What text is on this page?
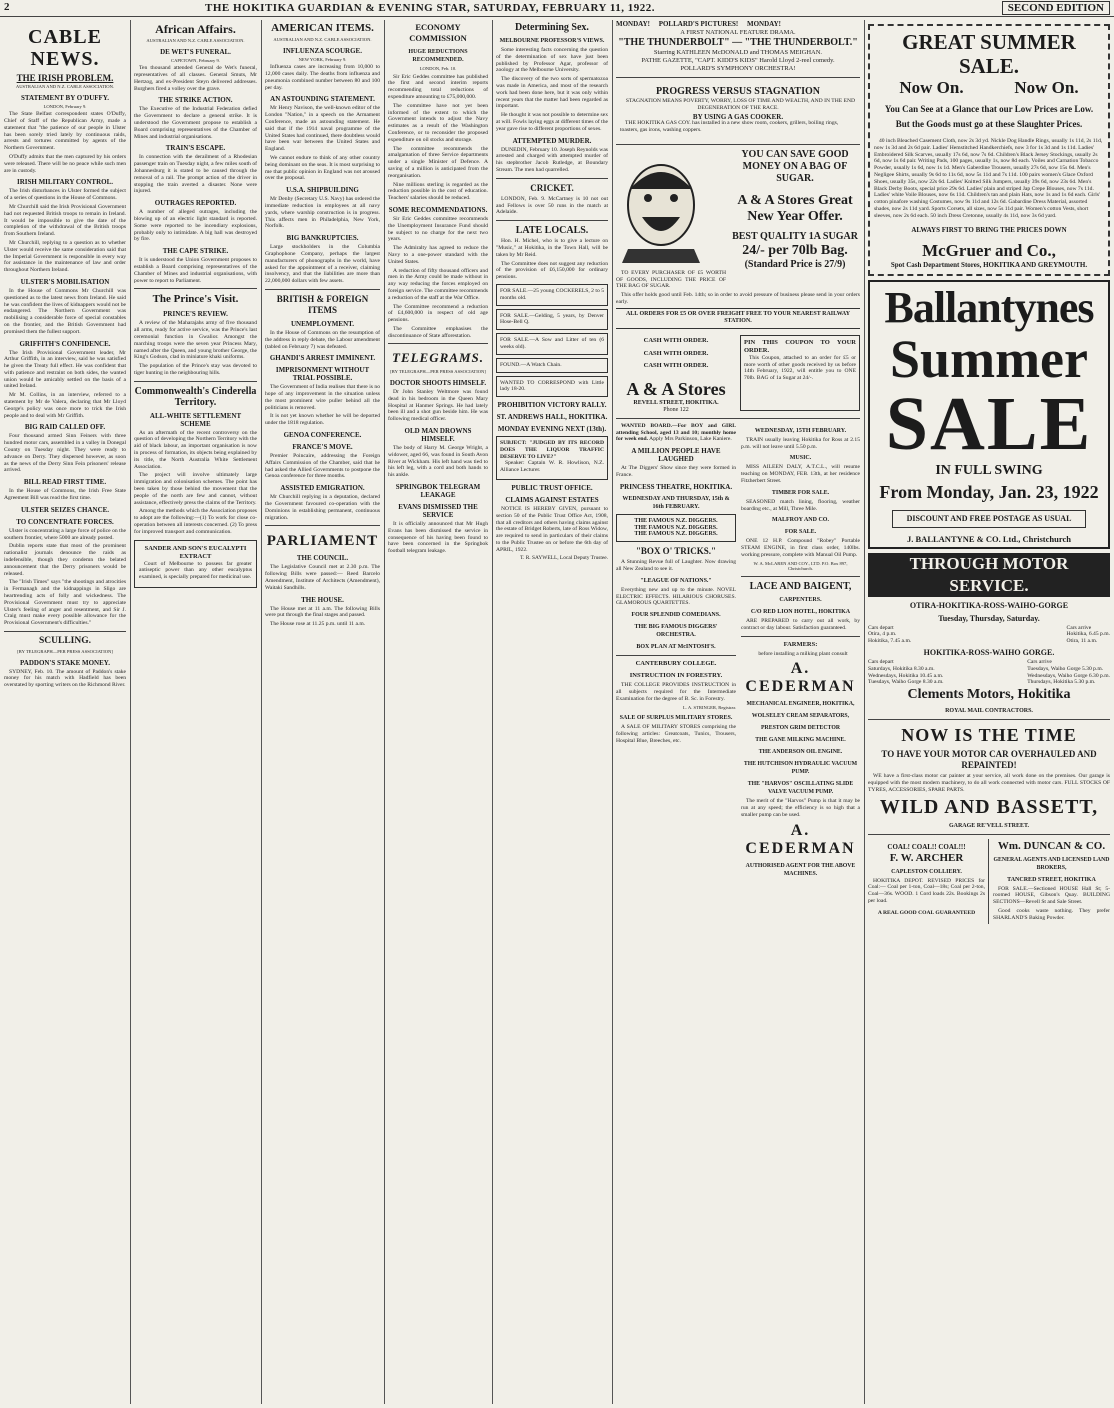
2	THE HOKITIKA GUARDIAN & EVENING STAR, SATURDAY, FEBRUARY 11, 1922.	SECOND EDITION
CABLE NEWS.
THE IRISH PROBLEM.
AUSTRALIAN AND N.Z. CABLE ASSOCIATION.
STATEMENT BY O'DUFFY.
LONDON, February 9.

The State Belfast correspondent states O'Duffy, Chief of Staff of the Republican Army, made a statement that "the patience of our people in Ulster has been sorely tried lately by continuous raids, arrests and tortures committed by agents of the Northern Government.

O'Duffy admits that the men captured by his orders were released. There will be no peace while such men are in custody.

IRISH MILITARY CONTROL.

The Irish disturbances in Ulster formed the subject of a series of questions in the House of Commons.

Mr Churchill said the Irish Provisional Government had not requested British troops to remain in Ireland. It would be impossible to give the date of the completion of the withdrawal of the British troops from Southern Ireland.

Mr Churchill, replying to a question as to whether Ulster would receive the same consideration said that the Imperial Government is responsible in every way for assistance in the maintenance of law and order throughout Northern Ireland.

ULSTER'S MOBILISATION

In the House of Commons Mr Churchill was questioned as to the latest news from Ireland. He said he was confident the lives of kidnappers would not be endangered. The Northern Government was mobilising a considerable force of special constables on the frontier, and the British Government had promised them the fullest support.

GRIFFITH'S CONFIDENCE.

The Irish Provisional Government leader, Mr Arthur Griffith, in an interview, said he was satisfied he given the Treaty full effect. He was confident that with patience and restraint on both sides, the wanted union would be amicably settled on the basis of a united Ireland.

Mr M. Collins, in an interview, referred to a statement by Mr de Valera, declaring that Mr Lloyd George's policy was once more to trick the Irish people and to deal with Mr Griffith.

BIG RAID CALLED OFF.

Four thousand armed Sinn Feiners with three hundred motor cars, assembled in a valley in Donegal County on Tuesday night. They were ready to advance on Derry. They dispersed however, as soon as the news of the Derry Sinn Fein prisoners' release arrived.

BILL READ FIRST TIME.

In the House of Commons, the Irish Free State Agreement Bill was read the first time.

ULSTER SEIZES CHANCE.
TO CONCENTRATE FORCES.

Ulster is concentrating a large force of police on the southern frontier, where 5000 are already posted.

Dublin reports state that most of the prominent nationalist journals denounce the raids as indefensible, though they condemn the belated announcement that the Derry prisoners would be released.

The "Irish Times" says "the shootings and atrocities in Fermanagh and the kidnappings in Sligo are heartrending acts of folly and wickedness. The Provisional Government must try to appreciate Ulster's feeling of anger and resentment, and Sir J. Craig must make every possible allowance for the Provisional Government's difficulties."

SCULLING.
[BY TELEGRAPH—PER PRESS ASSOCIATION]
PADDON'S STAKE MONEY.

SYDNEY, Feb. 10. The amount of Paddon's stake money for his match with Hadfield has been overstated by sporting writers on the Richmond River.

African Affairs.
AUSTRALIAN AND N.Z. CABLE ASSOCIATION.
DE WET'S FUNERAL.
CAPETOWN, February 9.

Ten thousand attended General de Wet's funeral, representatives of all classes. General Smuts, Mr Hertzog, and ex-President Steyn delivered addresses. Burghers fired a volley over the grave.

THE STRIKE ACTION.

The Executive of the Industrial Federation defied the Government to declare a general strike. It is understood the Government propose to establish a Board comprising representatives of the Chamber of Mines and industrial organisations.

TRAIN'S ESCAPE.

In connection with the derailment of a Rhodesian passenger train on Tuesday night, a few miles south of Johannesburg it is stated to be caused through the removal of a rail. The prompt action of the driver in stopping the train averted a disaster. None were injured.

OUTRAGES REPORTED.

A number of alleged outrages, including the blowing up of an electric light standard is reported. Some were reported to be incendiary explosions, probably only to intimidate. A big hall was destroyed by fire.

THE CAPE STRIKE.

It is understood the Union Government proposes to establish a Board comprising representatives of the Chamber of Mines and industrial organisations, with power to report to Parliament.

The Prince's Visit.
PRINCE'S REVIEW.

A review of the Maharajahs army of five thousand all arms, ready for active service, was the Prince's last ceremonial function in Gwalior. Amongst the marching troops were the seven year Princess Mary, named after the Queen, and young brother George, the King's Godson, clad in miniature khaki uniforms.

The population of the Prince's stay was devoted to tiger hunting in the neighbouring hills.

Commonwealth's Cinderella Territory.
ALL-WHITE SETTLEMENT SCHEME

As an aftermath of the recent controversy on the question of developing the Northern Territory with the aid of black labour, an important organisation is now in process of formation, its objects being explained by its title, the North Australia White Settlement Association.

The project will involve ultimately large immigration and colonisation schemes. The point has been taken by those behind the movement that the people of the north are few and cannot, without assistance, effectively press the claims of the Territory.

Among the methods which the Association proposes to adopt are the following:—(1) To work for close co-operation between all interests concerned. (2) To press for improved transport and communication.

SANDER AND SON'S EUCALYPTI EXTRACT

Court of Melbourne to possess far greater antiseptic power than any other eucalyptus examined, is specially prepared for medicinal use.

AMERICAN ITEMS.
AUSTRALIAN AND N.Z. CABLE ASSOCIATION.
INFLUENZA SCOURGE.
NEW YORK, February 9.

Influenza cases are increasing from 10,000 to 12,000 cases daily. The deaths from influenza and pneumonia combined number between 80 and 100 per day.

AN ASTOUNDING STATEMENT.

Mr Henry Navison, the well-known editor of the London "Nation," in a speech on the Armament Conference, made an astounding statement. He said that if the 1914 naval programme of the United States had continued, there doubtless would have been war between the United States and England.

We cannot endure to think of any other country being dominant on the seas. It is most surprising to me that public opinion in England was not aroused over the proposal.

U.S.A. SHIPBUILDING

Mr Denby (Secretary U.S. Navy) has ordered the immediate reduction in employees at all navy yards, where warship construction is in progress. This affects men in Philadelphia, New York, Norfolk.

BIG BANKRUPTCIES.

Large stockholders in the Columbia Graphophone Company, perhaps the largest manufacturers of phonographs in the world, have asked for the appointment of a receiver, claiming insolvency, and that the liabilities are more than 22,000,000 dollars with few assets.

BRITISH & FOREIGN ITEMS
UNEMPLOYMENT.

In the House of Commons on the resumption of the address in reply debate, the Labour amendment (tabled on February 7) was defeated.

GHANDI'S ARREST IMMINENT.
IMPRISONMENT WITHOUT TRIAL POSSIBLE.

The Government of India realises that there is no hope of any improvement in the situation unless the most prominent wire puller behind all the politicians is removed.

It is not yet known whether he will be deported under the 1818 regulation.

GENOA CONFERENCE.
FRANCE'S MOVE.

Premier Poincaire, addressing the Foreign Affairs Commission of the Chamber, said that he had asked the Allied Governments to postpone the Genoa conference for three months.

ASSISTED EMIGRATION.

Mr Churchill replying in a deputation, declared the Government favoured co-operation with the Dominions in establishing permanent, continuous migration.

PARLIAMENT
THE COUNCIL.

The Legislative Council met at 2.30 p.m. The following Bills were passed:— Reed Barcelo Amendment, Institute of Architects (Amendment), Waitaki Sandhills.

THE HOUSE.

The House met at 11 a.m. The following Bills were put through the final stages and passed.

The House rose at 11.25 p.m. until 11 a.m.

ECONOMY COMMISSION
HUGE REDUCTIONS RECOMMENDED.
LONDON, Feb. 10.

Sir Eric Geddes committee has published the first and second interim reports recommending total reductions of expenditure amounting to £75,000,000.

The committee have not yet been informed of the extent to which the Government intends to adjust the Navy estimates as a result of the Washington Conference, or to reconsider the proposed expenditure on oil stocks and storage.

The committee recommends the amalgamation of three Service departments under a single Minister of Defence. A saving of a million is anticipated from the reorganisation.

Nine millions sterling is regarded as the reduction possible in the cost of education. Teachers' salaries should be reduced.

SOME RECOMMENDATIONS.

Sir Eric Geddes committee recommends the Unemployment Insurance Fund should be subject to no charge for the next two years.

The Admiralty has agreed to reduce the Navy to a one-power standard with the United States.

A reduction of fifty thousand officers and men in the Army could be made without in any way reducing the forces employed on foreign service. The committee recommends a reduction of the staff at the War Office.

The Committee recommend a reduction of £4,600,000 in respect of old age pensions.

The Committee emphasises the discontinuance of State afforestation.

TELEGRAMS.
[BY TELEGRAPH—PER PRESS ASSOCIATION]
DOCTOR SHOOTS HIMSELF.

Dr John Stanley Weltmore was found dead in his bedroom in the Queen Mary Hospital at Hanmer Springs. He had lately been ill and a shot gun beside him. He was following medical officer.

OLD MAN DROWNS HIMSELF.

The body of Harry M. George Wright, a widower, aged 66, was found in South Avon River at Wickham. His left hand was tied to his left leg, with a cord and both hands to his ankle.

SPRINGBOK TELEGRAM LEAKAGE
EVANS DISMISSED THE SERVICE

It is officially announced that Mr Hugh Evans has been dismissed the service in consequence of his having been found to have been concerned in the Springbok football telegram leakage.

Determining Sex.
MELBOURNE PROFESSOR'S VIEWS.

Some interesting facts concerning the question of the determination of sex have just been published by Professor Agar, professor of zoology at the Melbourne University.

The discovery of the two sorts of spermatozoa was made in America, and most of the research work had been done here, but it was only within recent years that the matter had been regarded as important.

He thought it was not possible to determine sex at will. Fowls laying eggs at different times of the year gave rise to different proportions of sexes.

ATTEMPTED MURDER.

DUNEDIN, February 10. Joseph Reynolds was arrested and charged with attempted murder of his stepbrother Jacob Rutledge, at Boundary Stream. The men had quarrelled.

CRICKET.

LONDON, Feb. 9. McCartney is 10 not out and Fellows is over 50 runs in the match at Adelaide.

LATE LOCALS.

Hon. H. Michel, who is to give a lecture on "Music," at Hokitika, in the Town Hall, will be taken by Mr Reid.

The Committee does not suggest any reduction of the provision of £6,150,000 for ordinary pensions.

FOR SALE.—25 young COCKERELS, 2 to 5 months old.
FOR SALE.—Gelding, 5 years, by Denver Hose-Bell Q.
FOR SALE.—A Sow and Litter of ten (6 weeks old).
FOUND.—A Watch Chain.
WANTED TO CORRESPOND with Little lady 18-20.
PROHIBITION VICTORY RALLY.
ST. ANDREWS HALL, HOKITIKA.
MONDAY EVENING NEXT (13th).
SUBJECT: "JUDGED BY ITS RECORD DOES THE LIQUOR TRAFFIC DESERVE TO LIVE?"

Speaker: Captain W. R. Howlison, N.Z. Alliance Lecturer.

PUBLIC TRUST OFFICE.
CLAIMS AGAINST ESTATES

NOTICE IS HEREBY GIVEN, pursuant to section 50 of the Public Trust Office Act, 1908, that all creditors and others having claims against the estate of Bridget Roberts, late of Ross Widow, are required to send in particulars of their claims to the Public Trustee on or before the 6th day of APRIL, 1922.

T. R. SAYWELL, Local Deputy Trustee.
MONDAY!     POLLARD'S PICTURES!     MONDAY!
A FIRST NATIONAL FEATURE DRAMA.
"THE THUNDERBOLT" — "THE THUNDERBOLT."
Starring KATHLEEN McDONALD and THOMAS MEIGHAN.
PATHE GAZETTE, "CAPT. KIDD'S KIDS" Harold Lloyd 2-reel comedy.
POLLARD'S SYMPHONY ORCHESTRA!
PROGRESS VERSUS STAGNATION

STAGNATION MEANS POVERTY, WORRY, LOSS OF TIME AND WEALTH, AND IN THE END DEGENERATION OF THE RACE.

BY USING A GAS COOKER.

THE HOKITIKA GAS COY. has installed in a new show room, cookers, grillers, boiling rings, toasters, gas irons, washing coppers.

TO EVERY PURCHASER OF £5 WORTH OF GOODS, INCLUDING THE PRICE OF THE BAG OF SUGAR.

YOU CAN SAVE GOOD MONEY ON A BAG OF SUGAR.
A & A Stores Great New Year Offer.
BEST QUALITY 1A SUGAR
24/- per 70lb Bag.
(Standard Price is 27/9)

This offer holds good until Feb. 14th; so in order to avoid pressure of business please send in your orders early.

ALL ORDERS FOR £5 OR OVER FREIGHT FREE TO YOUR NEAREST RAILWAY STATION.
CASH WITH ORDER.
CASH WITH ORDER.
CASH WITH ORDER.
A & A Stores
REVELL STREET, HOKITIKA.
Phone 122
PIN THIS COUPON TO YOUR ORDER.

This Coupon, attached to an order for £5 or more worth of other goods received by us before 14th February, 1922, will entitle you to ONE 70lb. BAG of 1a Sugar at 24/-.

WANTED BOARD.—For BOY and GIRL attending School, aged 13 and 10; monthly home for week end. Apply Mrs Parkinson, Lake Kaniere.

A MILLION PEOPLE HAVE LAUGHED

At The Diggers' Show since they were formed in France.

PRINCESS THEATRE, HOKITIKA.
WEDNESDAY AND THURSDAY, 15th & 16th FEBRUARY.
THE FAMOUS N.Z. DIGGERS.
THE FAMOUS N.Z. DIGGERS.
THE FAMOUS N.Z. DIGGERS.
"BOX O' TRICKS."

A Stunning Revue full of Laughter. Now drawing all New Zealand to see it.

"LEAGUE OF NATIONS."

Everything new and up to the minute. NOVEL ELECTRIC EFFECTS. HILARIOUS CHORUSES. GLAMOROUS QUARTETTES.

FOUR SPLENDID COMEDIANS.
THE BIG FAMOUS DIGGERS' ORCHESTRA.
BOX PLAN AT McINTOSH'S.
CANTERBURY COLLEGE.
INSTRUCTION IN FORESTRY.

THE COLLEGE PROVIDES INSTRUCTION in all subjects required for the Intermediate Examination for the degree of B. Sc. in Forestry.

L. A. STRINGER, Registrar.
SALE OF SURPLUS MILITARY STORES.

A SALE OF MILITARY STORES comprising the following articles: Greatcoats, Tunics, Trousers, Hospital Blue, Breeches, etc.

WEDNESDAY, 15TH FEBRUARY.

TRAIN usually leaving Hokitika for Ross at 2.15 p.m. will not leave until 5.50 p.m.

MUSIC.

MISS AILEEN DALY, A.T.C.L., will resume teaching on MONDAY, FEB. 13th, at her residence Fitzherbert Street.

TIMBER FOR SALE.

SEASONED match lining, flooring, weather boarding etc., at Mill, Three Mile.

MALFROY AND CO.
FOR SALE.

ONE 12 H.P. Compound "Robey" Portable STEAM ENGINE, in first class order, 140lbs. working pressure, complete with Manual Oil Pump.

W. A. McLAREN AND COY., LTD. P.O. Box 897, Christchurch.
LACE AND BAIGENT,
CARPENTERS.
C/O RED LION HOTEL, HOKITIKA

ARE PREPARED to carry out all work, by contract or day labour. Satisfaction guaranteed.

FARMERS:

before installing a milking plant consult

A. CEDERMAN
MECHANICAL ENGINEER, HOKITIKA,
WOLSELEY CREAM SEPARATORS,
PRESTON GRIM DETECTOR
THE GANE MILKING MACHINE.
THE ANDERSON OIL ENGINE.
THE HUTCHISON HYDRAULIC VACUUM PUMP.
THE "HARVOS" OSCILLATING SLIDE VALVE VACUUM PUMP.

The merit of the "Harvos" Pump is that it may be run at any speed; the efficiency is so high that a smaller pump can be used.

A. CEDERMAN
AUTHORISED AGENT FOR THE ABOVE MACHINES.
GREAT SUMMER SALE.
Now On.	Now On.
You Can See at a Glance that our Low Prices are Low.
But the Goods must go at these Slaughter Prices.

40 inch Bleached Casement Cloth, now 2s 3d yd. Nickle Dog Handle Rings, usually 1s 11d, 2s 11d, now 1s 3d and 2s 6d pair. Ladies' Hemstitched Handkerchiefs, now 3 for 1s 3d and 1s 11d. Ladies' Embroidered Silk Scarves, usually 17s 6d, now 7s 6d. Children's Black Jersey Stockings, usually 2s 6d, now 1s 6d pair. Writing Pads, 100 pages, usually 1s, now 8d each. Voiles and Carnation Tobacco Powder, usually 1s 6d, now 1s 1d. Men's Gaberdine Trousers, usually 27s 6d, now 15s 6d. Men's Negligee Shirts, usually 9s 6d to 11s 6d, now 5s 11d and 7s 11d. 100 pairs women's Glace Oxford Shoes, usually 35s, now 22s 6d. Ladies' Knitted Silk Jumpers, usually 39s 6d, now 23s 6d. Men's Black Derby Boots, special price 29s 6d. Ladies' plain and striped Jap Crepe Blouses, now 7s 11d. Ladies' white Voile Blouses, now 6s 11d. Children's tan and plain Hats, now 1s and 1s 6d each. Girls' cotton pinafore washing Costumes, now 9s 11d and 12s 6d. Gabardine Dress Material, assorted shades, now 2s 11d yard. Sports Corsets, all sizes, now 5s 11d pair. Women's cotton Vests, short sleeves, now 2s 6d each. 50 inch Dress Cretonne, usually 4s 11d, now 3s 6d yard.

ALWAYS FIRST TO BRING THE PRICES DOWN
McGruer and Co.,
Spot Cash Department Stores, HOKITIKA AND GREYMOUTH.
Ballantynes
Summer
SALE
IN FULL SWING
From Monday, Jan. 23, 1922
DISCOUNT AND FREE POSTAGE AS USUAL
J. BALLANTYNE & CO. Ltd., Christchurch
THROUGH MOTOR SERVICE.
OTIRA-HOKITIKA-ROSS-WAIHO-GORGE
Tuesday, Thursday, Saturday.
Cars depart
Otira, 4 p.m.
Hokitika, 7.45 a.m.
Cars arrive
Hokitika, 6.45 p.m.
Otira, 11 a.m.
HOKITIKA-ROSS-WAIHO GORGE.
Cars depart
Saturdays, Hokitika 8.30 a.m.
Wednesdays, Hokitika 10.45 a.m.
Tuesdays, Waiho Gorge 8.30 a.m.
Cars arrive
Tuesdays, Waiho Gorge 5.30 p.m.
Wednesdays, Waiho Gorge 6.30 p.m.
Thursdays, Hokitika 5.30 p.m.
Clements Motors, Hokitika
ROYAL MAIL CONTRACTORS.
NOW IS THE TIME
TO HAVE YOUR MOTOR CAR OVERHAULED AND REPAINTED!

WE have a first-class motor car painter at your service, all work done on the premises. Our garage is equipped with the most modern machinery, to do all work connected with motor cars. FULL STOCKS OF TYRES, ACCESSORIES, SPARE PARTS.

WILD AND BASSETT,
GARAGE RE'VELL STREET.
COAL! COAL!! COAL!!!
F. W. ARCHER
CAPLESTON COLLIERY.

HOKITIKA DEPOT. REVISED PRICES for Coal:— Coal per 1-ton, Coal—18s; Coal per 2-ton, Coal—36s. WOOD. 1 Cord loads 22s. Bookings 2s per load.

A REAL GOOD COAL GUARANTEED
Wm. DUNCAN & CO.
GENERAL AGENTS AND LICENSED LAND BROKERS,
TANCRED STREET, HOKITIKA

FOR SALE.—Sectioned HOUSE Hall St; 5-roomed HOUSE, Gibson's Quay. BUILDING SECTIONS—Revell St and Sale Street.

Good cooks waste nothing. They prefer SHARLAND'S Baking Powder.
